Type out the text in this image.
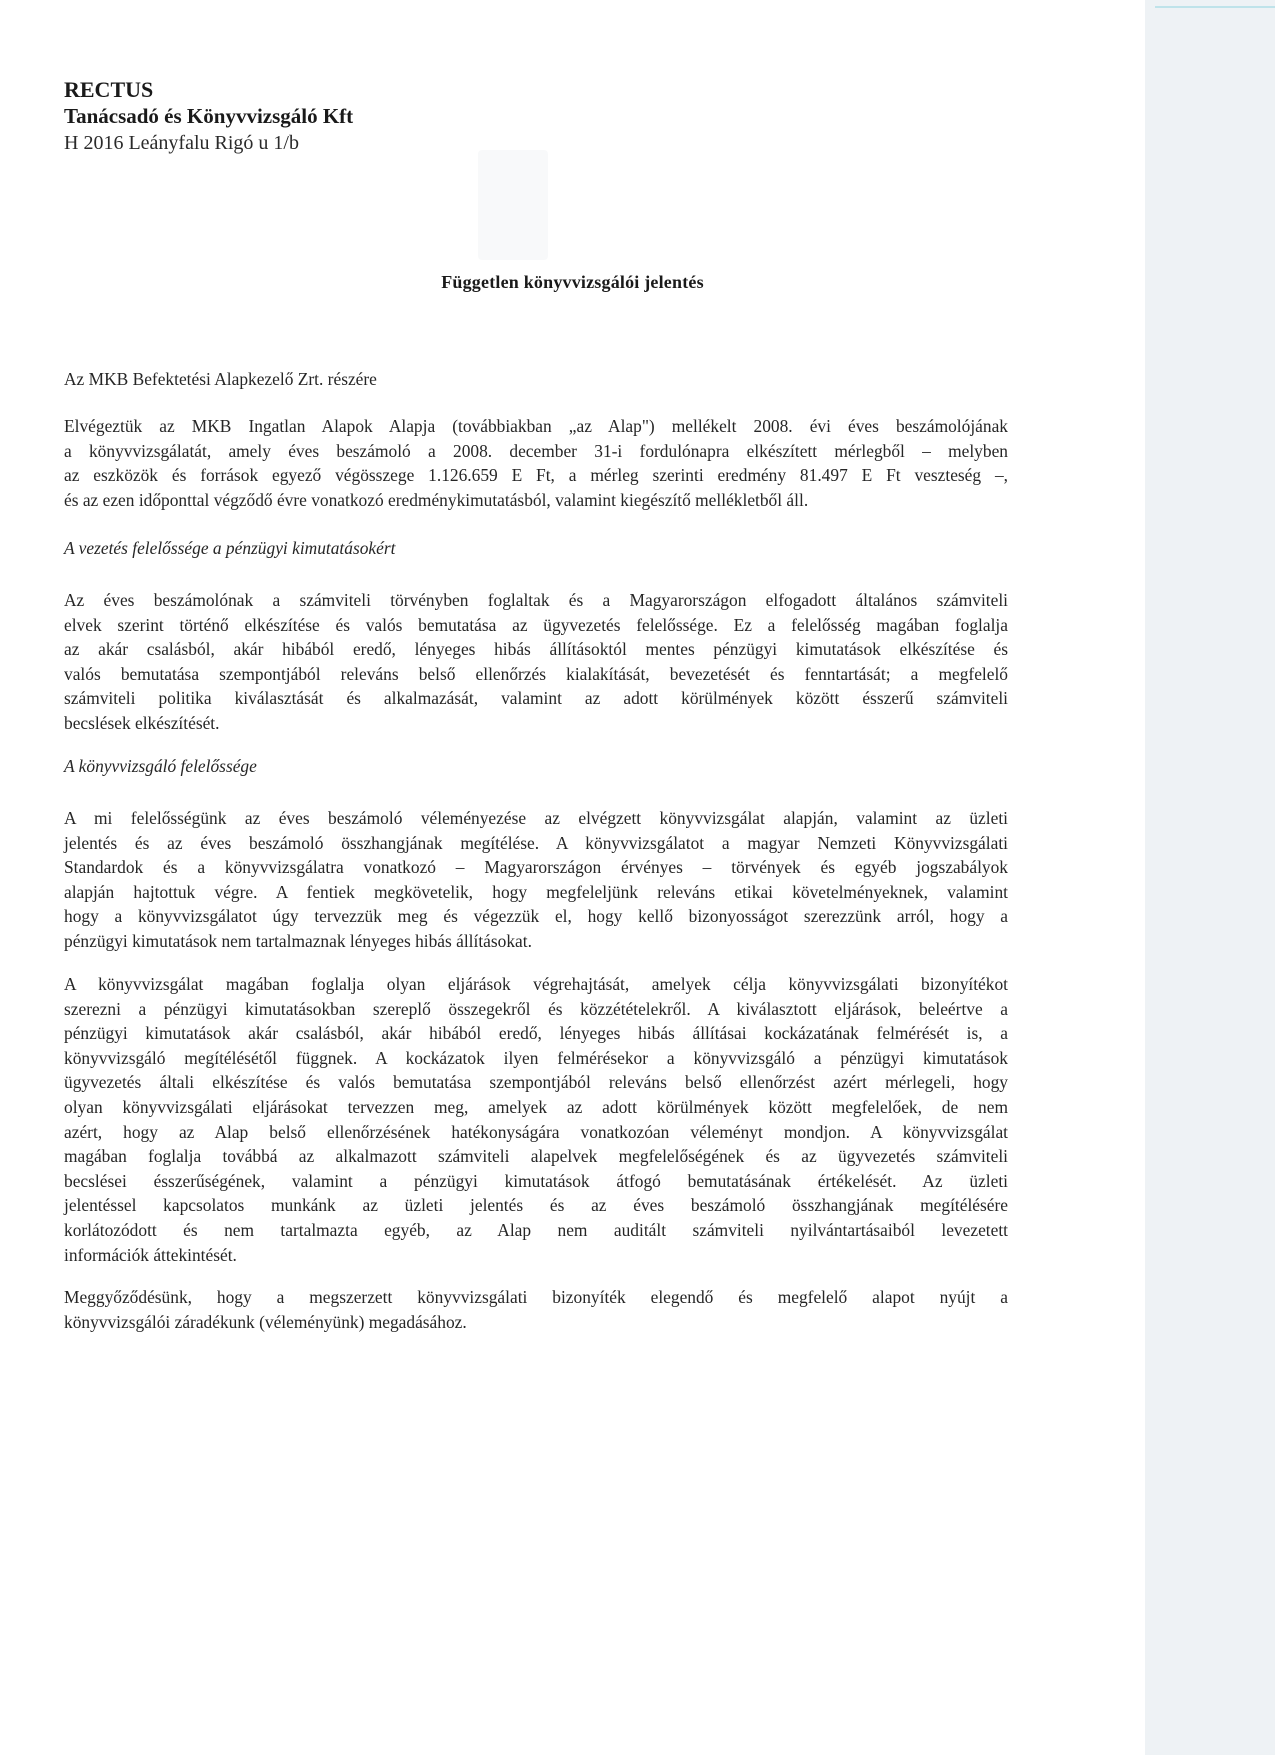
RECTUS
Tanácsadó és Könyvvizsgáló Kft
H 2016 Leányfalu Rigó u 1/b
Független könyvvizsgálói jelentés
Az MKB Befektetési Alapkezelő Zrt. részére
Elvégeztük az MKB Ingatlan Alapok Alapja (továbbiakban „az Alap") mellékelt 2008. évi éves beszámolójának
a könyvvizsgálatát, amely éves beszámoló a 2008. december 31-i fordulónapra elkészített mérlegből – melyben
az eszközök és források egyező végösszege 1.126.659 E Ft, a mérleg szerinti eredmény 81.497 E Ft veszteség –,
és az ezen időponttal végződő évre vonatkozó eredménykimutatásból, valamint kiegészítő mellékletből áll.
A vezetés felelőssége a pénzügyi kimutatásokért
Az éves beszámolónak a számviteli törvényben foglaltak és a Magyarországon elfogadott általános számviteli
elvek szerint történő elkészítése és valós bemutatása az ügyvezetés felelőssége. Ez a felelősség magában foglalja
az akár csalásból, akár hibából eredő, lényeges hibás állításoktól mentes pénzügyi kimutatások elkészítése és
valós bemutatása szempontjából releváns belső ellenőrzés kialakítását, bevezetését és fenntartását; a megfelelő
számviteli politika kiválasztását és alkalmazását, valamint az adott körülmények között ésszerű számviteli
becslések elkészítését.
A könyvvizsgáló felelőssége
A mi felelősségünk az éves beszámoló véleményezése az elvégzett könyvvizsgálat alapján, valamint az üzleti
jelentés és az éves beszámoló összhangjának megítélése. A könyvvizsgálatot a magyar Nemzeti Könyvvizsgálati
Standardok és a könyvvizsgálatra vonatkozó – Magyarországon érvényes – törvények és egyéb jogszabályok
alapján hajtottuk végre. A fentiek megkövetelik, hogy megfeleljünk releváns etikai követelményeknek, valamint
hogy a könyvvizsgálatot úgy tervezzük meg és végezzük el, hogy kellő bizonyosságot szerezzünk arról, hogy a
pénzügyi kimutatások nem tartalmaznak lényeges hibás állításokat.
A könyvvizsgálat magában foglalja olyan eljárások végrehajtását, amelyek célja könyvvizsgálati bizonyítékot
szerezni a pénzügyi kimutatásokban szereplő összegekről és közzétételekről. A kiválasztott eljárások, beleértve a
pénzügyi kimutatások akár csalásból, akár hibából eredő, lényeges hibás állításai kockázatának felmérését is, a
könyvvizsgáló megítélésétől függnek. A kockázatok ilyen felmérésekor a könyvvizsgáló a pénzügyi kimutatások
ügyvezetés általi elkészítése és valós bemutatása szempontjából releváns belső ellenőrzést azért mérlegeli, hogy
olyan könyvvizsgálati eljárásokat tervezzen meg, amelyek az adott körülmények között megfelelőek, de nem
azért, hogy az Alap belső ellenőrzésének hatékonyságára vonatkozóan véleményt mondjon. A könyvvizsgálat
magában foglalja továbbá az alkalmazott számviteli alapelvek megfelelőségének és az ügyvezetés számviteli
becslései ésszerűségének, valamint a pénzügyi kimutatások átfogó bemutatásának értékelését. Az üzleti
jelentéssel kapcsolatos munkánk az üzleti jelentés és az éves beszámoló összhangjának megítélésére
korlátozódott és nem tartalmazta egyéb, az Alap nem auditált számviteli nyilvántartásaiból levezetett
információk áttekintését.
Meggyőződésünk, hogy a megszerzett könyvvizsgálati bizonyíték elegendő és megfelelő alapot nyújt a
könyvvizsgálói záradékunk (véleményünk) megadásához.
